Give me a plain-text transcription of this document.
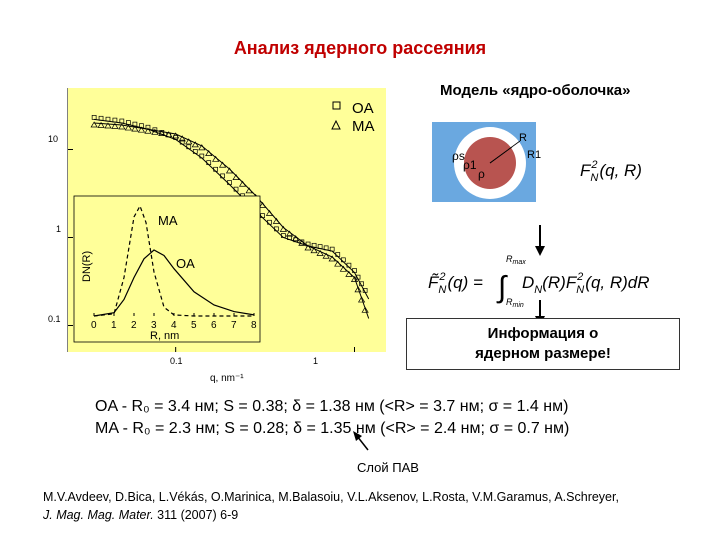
Анализ ядерного рассеяния
0 1 2 3 4 5 6 7 8
R, nm
DN(R)
MA
OA
OA
MA
q, nm⁻¹
0.1	1
10
1
0.1
ρs
ρ1
ρ
R
R1
$F_N2$ (q, R)
$F̃_N2$ (q) = ∫
$R_{max}$
$R_{min}$
$D_N(R)F_N2$ (q, R)dR
Модель «ядро-оболочка»
Информация о
ядерном размере!
OA - R₀ = 3.4 нм; S = 0.38; δ = 1.38 нм (<R> = 3.7 нм; σ = 1.4 нм)
MA - R₀ = 2.3 нм; S = 0.28; δ = 1.35 нм (<R> = 2.4 нм; σ = 0.7 нм)
Слой ПАВ
M.V.Avdeev, D.Bica, L.Vékás, O.Marinica, M.Balasoiu, V.L.Aksenov, L.Rosta, V.M.Garamus, A.Schreyer,
J. Mag. Mag. Mater. 311 (2007) 6-9
